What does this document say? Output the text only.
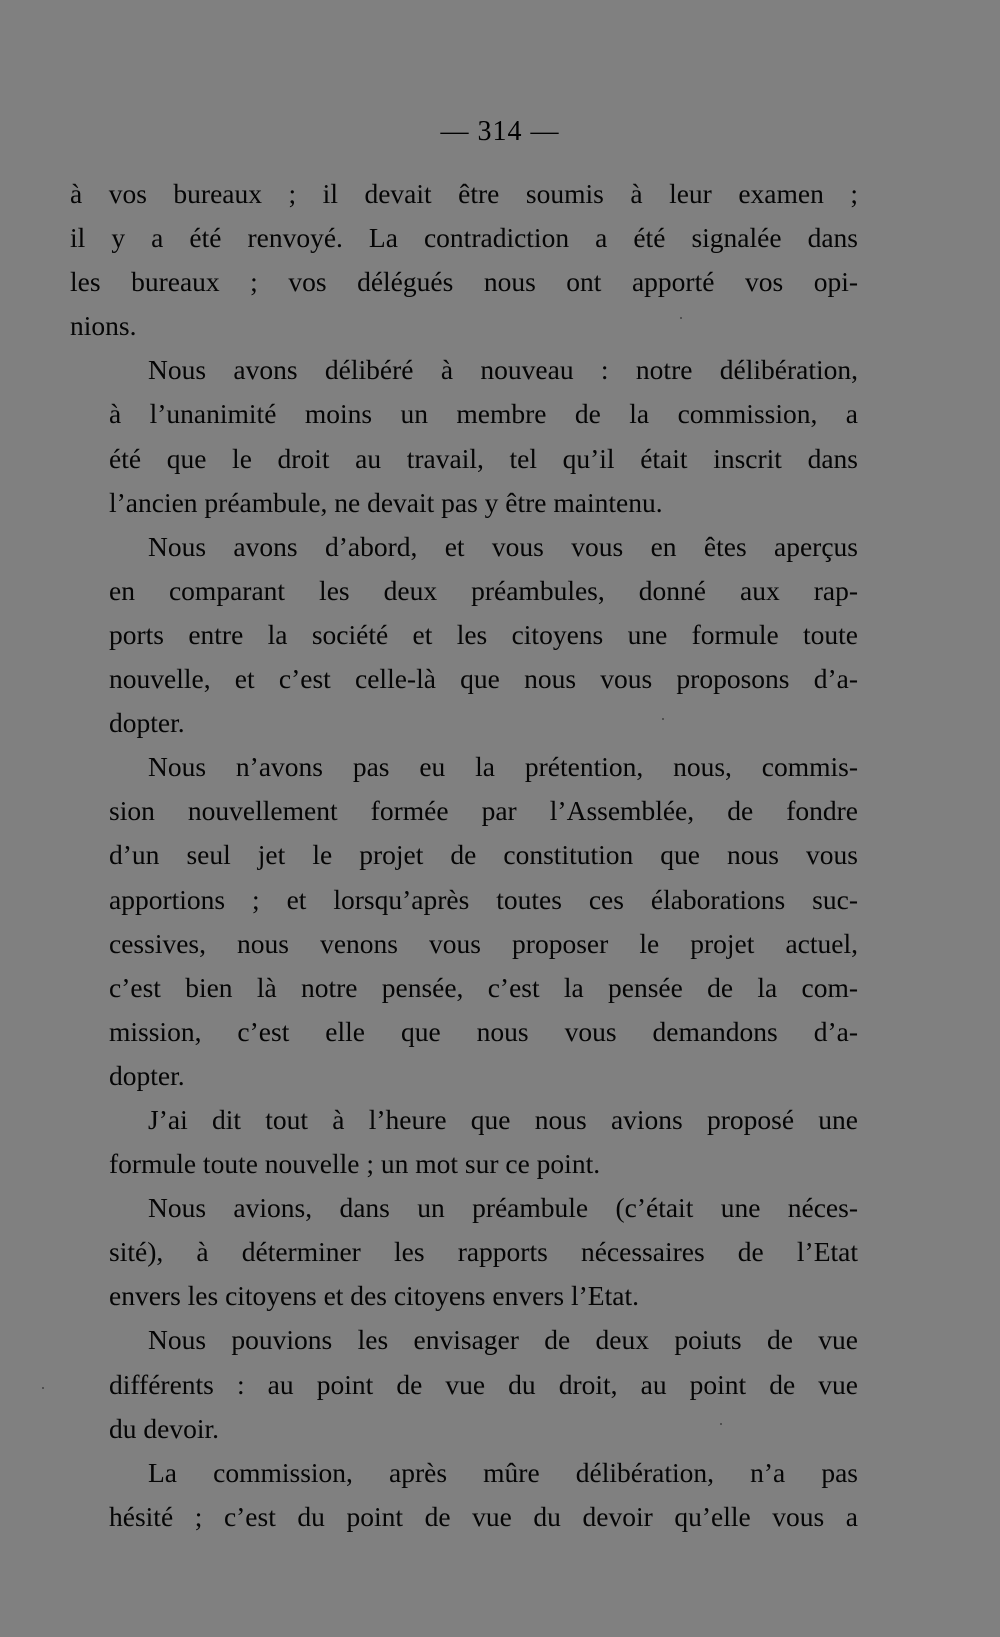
— 314 —
à vos bureaux ; il devait être soumis à leur examen ;
il y a été renvoyé. La contradiction a été signalée dans
les bureaux ; vos délégués nous ont apporté vos opi-
nions.
Nous avons délibéré à nouveau : notre délibération,
à l’unanimité moins un membre de la commission, a
été que le droit au travail, tel qu’il était inscrit dans
l’ancien préambule, ne devait pas y être maintenu.
Nous avons d’abord, et vous vous en êtes aperçus
en comparant les deux préambules, donné aux rap-
ports entre la société et les citoyens une formule toute
nouvelle, et c’est celle-là que nous vous proposons d’a-
dopter.
Nous n’avons pas eu la prétention, nous, commis-
sion nouvellement formée par l’Assemblée, de fondre
d’un seul jet le projet de constitution que nous vous
apportions ; et lorsqu’après toutes ces élaborations suc-
cessives, nous venons vous proposer le projet actuel,
c’est bien là notre pensée, c’est la pensée de la com-
mission, c’est elle que nous vous demandons d’a-
dopter.
J’ai dit tout à l’heure que nous avions proposé une
formule toute nouvelle ; un mot sur ce point.
Nous avions, dans un préambule (c’était une néces-
sité), à déterminer les rapports nécessaires de l’Etat
envers les citoyens et des citoyens envers l’Etat.
Nous pouvions les envisager de deux poiuts de vue
différents : au point de vue du droit, au point de vue
du devoir.
La commission, après mûre délibération, n’a pas
hésité ; c’est du point de vue du devoir qu’elle vous a
